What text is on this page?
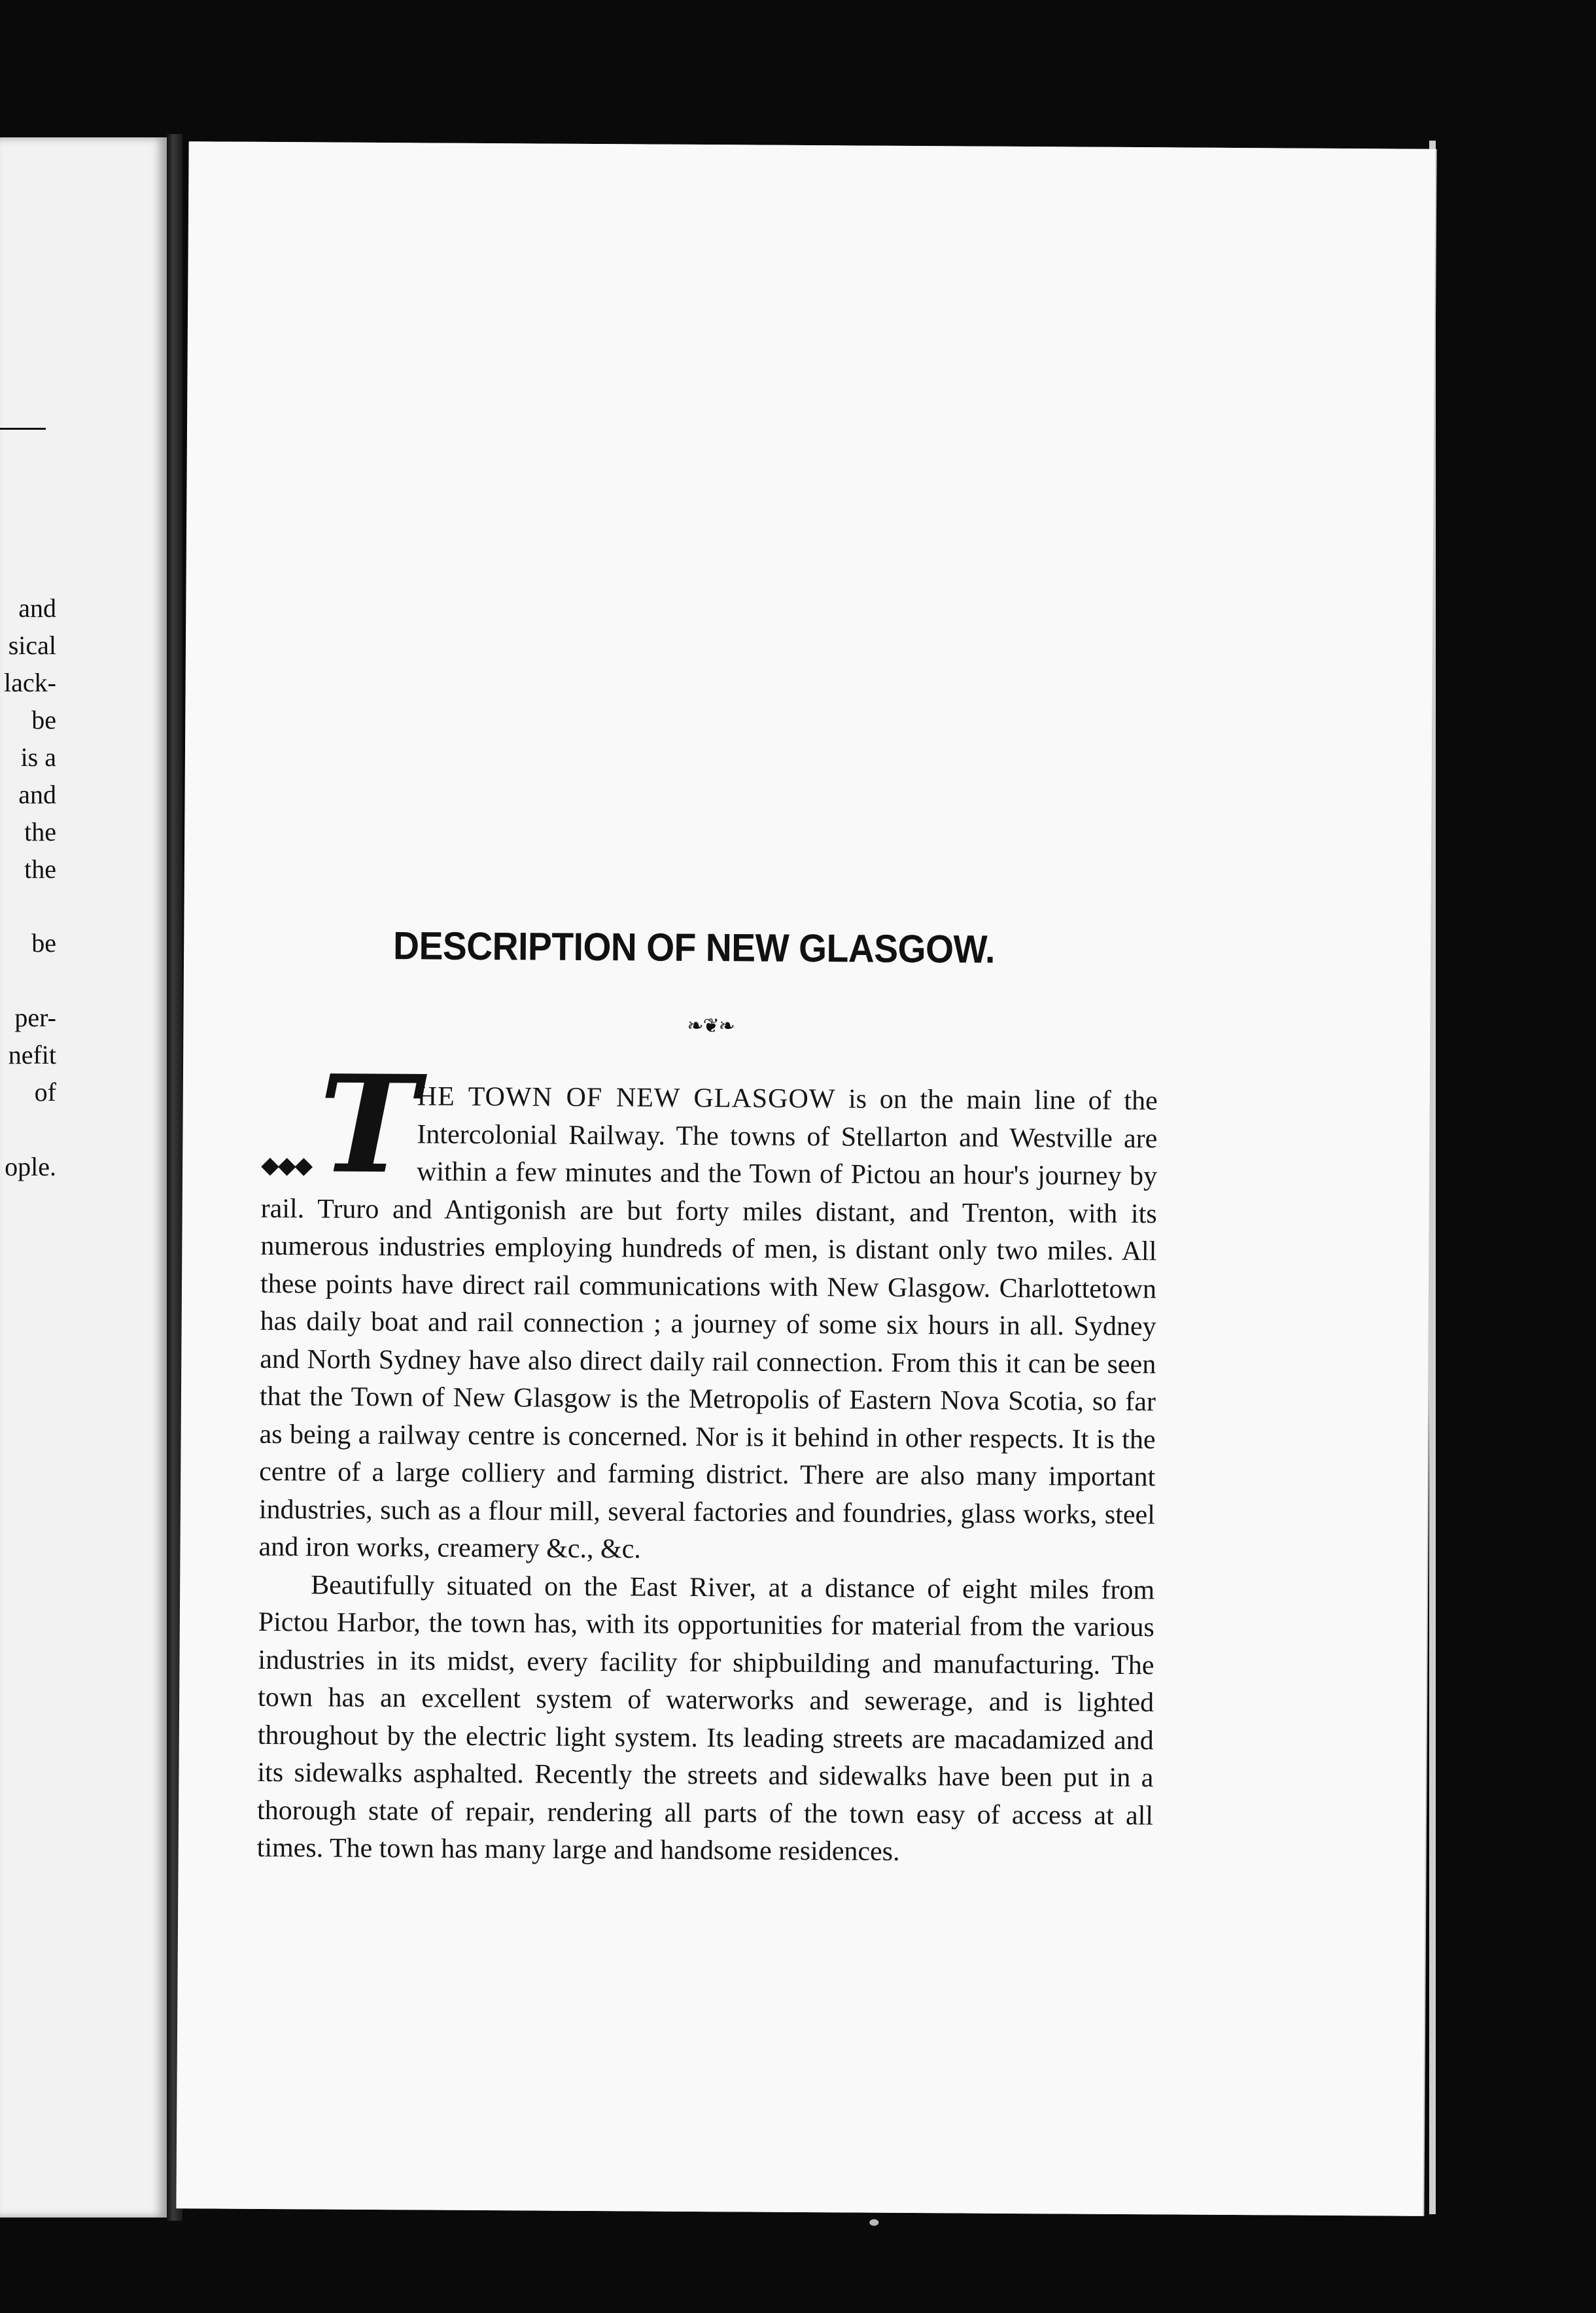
and
sical
lack-
be
is a
and
the
the
be
per-
nefit
of
ople.
DESCRIPTION OF NEW GLASGOW.
❧❦❧

◆◆◆ T
HE TOWN OF NEW GLASGOW is on the main line of the Intercolonial Railway. The towns of Stellarton and Westville are within a few minutes and the Town of Pictou an hour's journey by rail. Truro and Antigonish are but forty miles distant, and Trenton, with its numerous industries employing hundreds of men, is distant only two miles. All these points have direct rail communications with New Glasgow. Charlottetown has daily boat and rail connection ; a journey of some six hours in all. Sydney and North Sydney have also direct daily rail connection. From this it can be seen that the Town of New Glasgow is the Metropolis of Eastern Nova Scotia, so far as being a railway centre is concerned. Nor is it behind in other respects. It is the centre of a large colliery and farming district. There are also many important industries, such as a flour mill, several factories and foundries, glass works, steel and iron works, creamery &c., &c.

Beautifully situated on the East River, at a distance of eight miles from Pictou Harbor, the town has, with its opportunities for material from the various industries in its midst, every facility for shipbuilding and manufacturing. The town has an excellent system of waterworks and sewerage, and is lighted throughout by the electric light system. Its leading streets are macadamized and its sidewalks asphalted. Recently the streets and sidewalks have been put in a thorough state of repair, rendering all parts of the town easy of access at all times. The town has many large and handsome residences.
